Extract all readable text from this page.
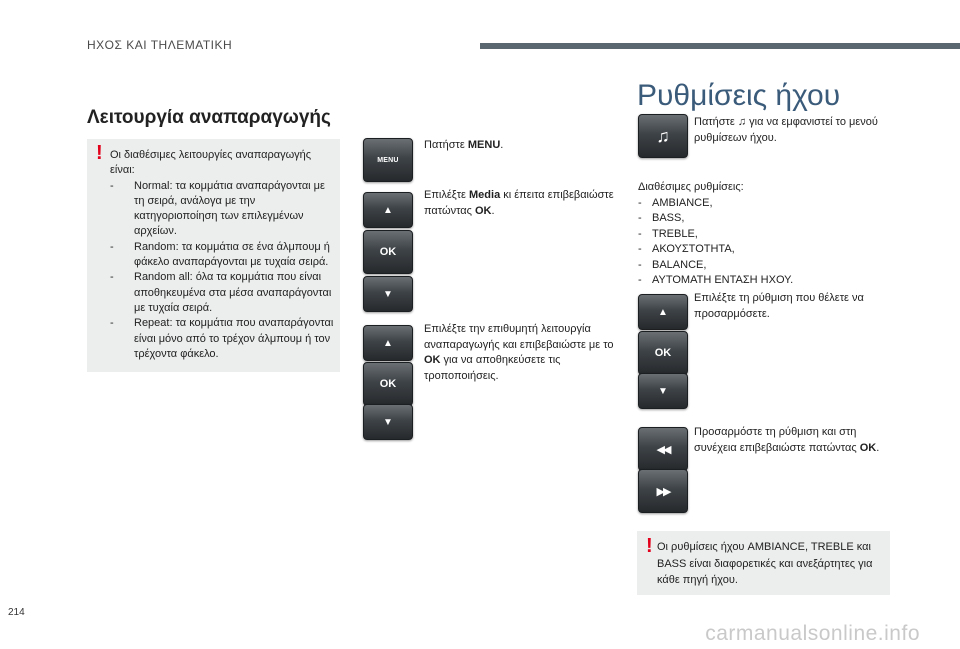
ΗΧΟΣ ΚΑΙ ΤΗΛΕΜΑΤΙΚΗ
Λειτουργία αναπαραγωγής
! Οι διαθέσιμες λειτουργίες αναπαραγωγής είναι:
-	Normal: τα κομμάτια αναπαράγονται με τη σειρά, ανάλογα με την κατηγοριοποίηση των επιλεγμένων αρχείων.
-	Random: τα κομμάτια σε ένα άλμπουμ ή φάκελο αναπαράγονται με τυχαία σειρά.
-	Random all: όλα τα κομμάτια που είναι αποθηκευμένα στα μέσα αναπαράγονται με τυχαία σειρά.
-	Repeat: τα κομμάτια που αναπαράγονται είναι μόνο από το τρέχον άλμπουμ ή τον τρέχοντα φάκελο.
MENU
Πατήστε MENU.
▲
OK
▼
Επιλέξτε Media κι έπειτα επιβεβαιώστε πατώντας OK.
▲
OK
▼
Επιλέξτε την επιθυμητή λειτουργία αναπαραγωγής και επιβεβαιώστε με το OK για να αποθηκεύσετε τις τροποποιήσεις.
Ρυθμίσεις ήχου
♫
Πατήστε ♫ για να εμφανιστεί το μενού ρυθμίσεων ήχου.
Διαθέσιμες ρυθμίσεις:
- AMBIANCE,
- BASS,
- TREBLE,
- ΑΚΟΥΣΤΟΤΗΤΑ,
- BALANCE,
- ΑΥΤΟΜΑΤΗ ΕΝΤΑΣΗ ΗΧΟΥ.
▲
OK
▼
Επιλέξτε τη ρύθμιση που θέλετε να προσαρμόσετε.
◀◀
▶▶
Προσαρμόστε τη ρύθμιση και στη συνέχεια επιβεβαιώστε πατώντας OK.
! Οι ρυθμίσεις ήχου AMBIANCE, TREBLE και BASS είναι διαφορετικές και ανεξάρτητες για κάθε πηγή ήχου.
214
carmanualsonline.info
